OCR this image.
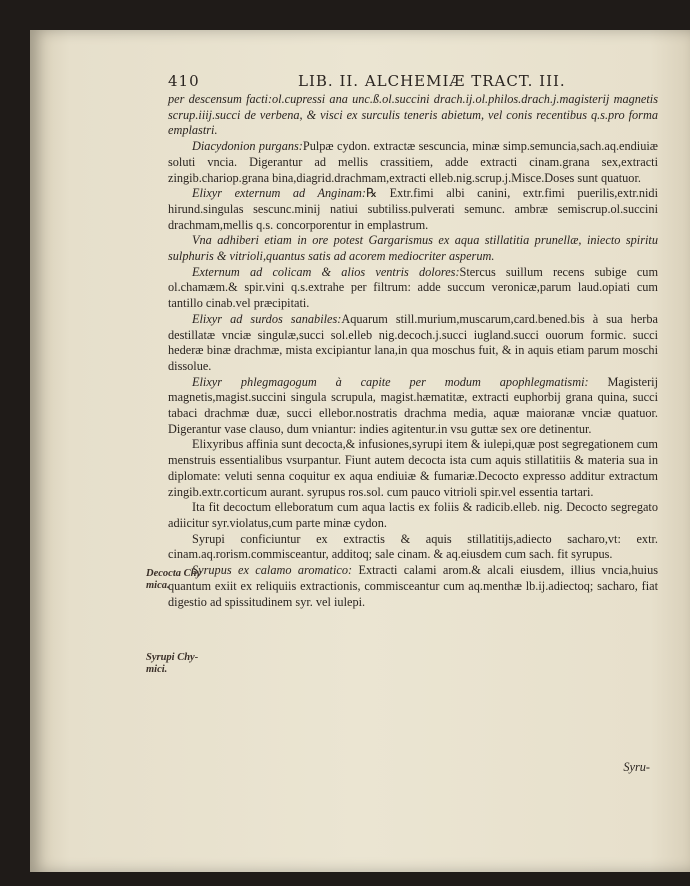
410	LIB. II. ALCHEMIÆ TRACT. III.

per descensum facti:ol.cupressi ana unc.ß.ol.succini drach.ij.ol.philos.drach.j.magisterij magnetis scrup.iiij.succi de verbena, & visci ex surculis teneris abietum, vel conis recentibus q.s.pro forma emplastri.

Diacydonion purgans:Pulpæ cydon. extractæ sescuncia, minæ simp.semuncia,sach.aq.endiuiæ soluti vncia. Digerantur ad mellis crassitiem, adde extracti cinam.grana sex,extracti zingib.chariop.grana bina,diagrid.drachmam,extracti elleb.nig.scrup.j.Misce.Doses sunt quatuor.

Elixyr externum ad Anginam:℞ Extr.fimi albi canini, extr.fimi puerilis,extr.nidi hirund.singulas sescunc.minij natiui subtiliss.pulverati semunc. ambræ semiscrup.ol.succini drachmam,mellis q.s. concorporentur in emplastrum.

Vna adhiberi etiam in ore potest Gargarismus ex aqua stillatitia prunellæ, iniecto spiritu sulphuris & vitrioli,quantus satis ad acorem mediocriter asperum.

Externum ad colicam & alios ventris dolores:Stercus suillum recens subige cum ol.chamæm.& spir.vini q.s.extrahe per filtrum: adde succum veronicæ,parum laud.opiati cum tantillo cinab.vel præcipitati.

Elixyr ad surdos sanabiles:Aquarum still.murium,muscarum,card.bened.bis à sua herba destillatæ vnciæ singulæ,succi sol.elleb nig.decoch.j.succi iugland.succi ouorum formic. succi hederæ binæ drachmæ, mista excipiantur lana,in qua moschus fuit, & in aquis etiam parum moschi dissolue.

Elixyr phlegmagogum à capite per modum apophlegmatismi: Magisterij magnetis,magist.succini singula scrupula, magist.hæmatitæ, extracti euphorbij grana quina, succi tabaci drachmæ duæ, succi ellebor.nostratis drachma media, aquæ maioranæ vnciæ quatuor. Digerantur vase clauso, dum vniantur: indies agitentur.in vsu guttæ sex ore detinentur.

Elixyribus affinia sunt decocta,& infusiones,syrupi item & iulepi,quæ post segregationem cum menstruis essentialibus vsurpantur. Fiunt autem decocta ista cum aquis stillatitiis & materia sua in diplomate: veluti senna coquitur ex aqua endiuiæ & fumariæ.Decocto expresso additur extractum zingib.extr.corticum aurant. syrupus ros.sol. cum pauco vitrioli spir.vel essentia tartari.

Ita fit decoctum elleboratum cum aqua lactis ex foliis & radicib.elleb. nig. Decocto segregato adiicitur syr.violatus,cum parte minæ cydon.

Syrupi conficiuntur ex extractis & aquis stillatitijs,adiecto sacharo,vt: extr. cinam.aq.rorism.commisceantur, additoq; sale cinam. & aq.eiusdem cum sach. fit syrupus.

Syrupus ex calamo aromatico: Extracti calami arom.& alcali eiusdem, illius vncia,huius quantum exiit ex reliquiis extractionis, commisceantur cum aq.menthæ lb.ij.adiectoq; sacharo, fiat digestio ad spissitudinem syr. vel iulepi.

Decocta Chy
mica.
Syrupi Chy-
mici.
Syru-
